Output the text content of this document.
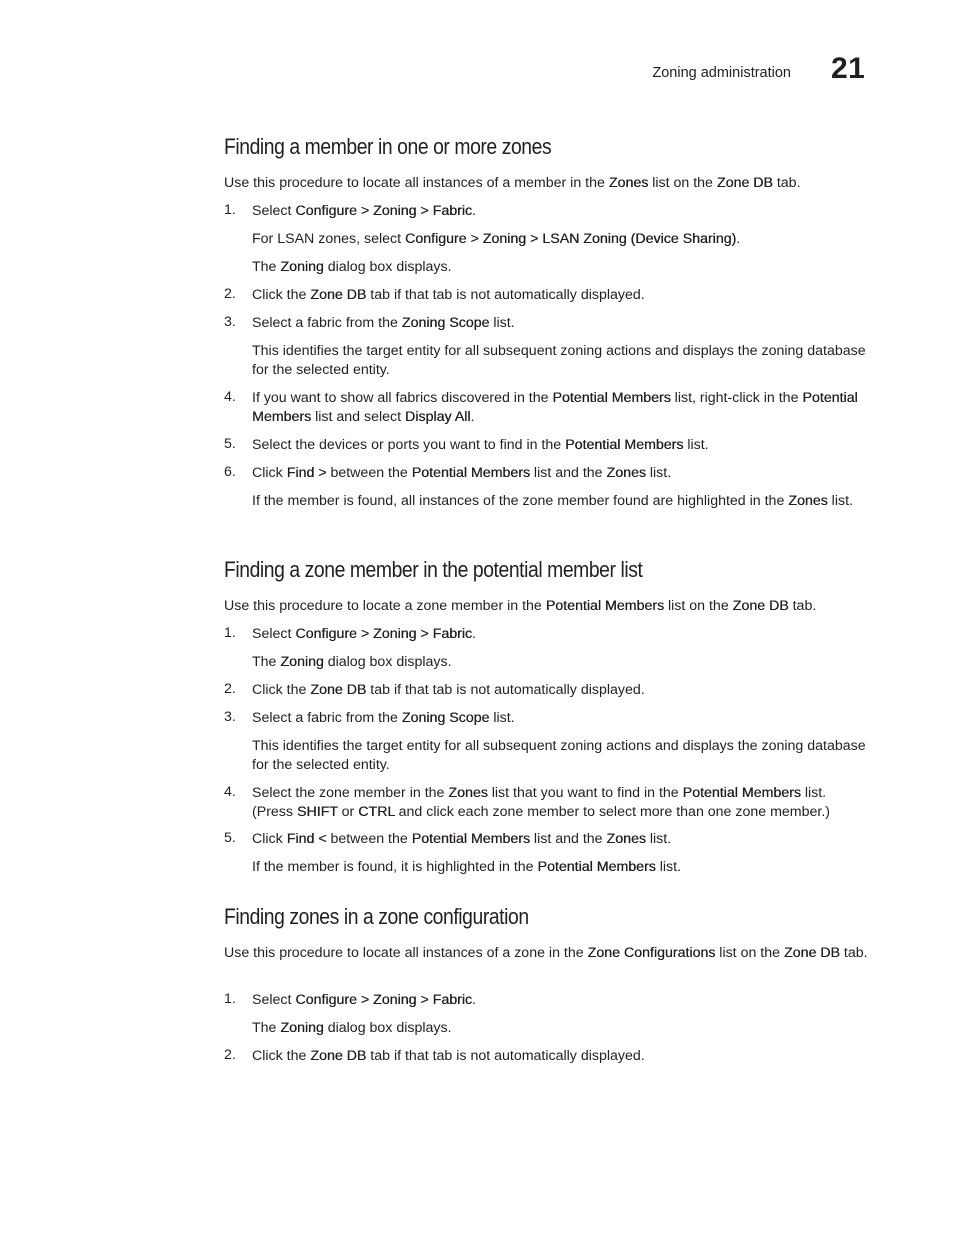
Zoning administration 21
Finding a member in one or more zones
Use this procedure to locate all instances of a member in the Zones list on the Zone DB tab.
1. Select Configure > Zoning > Fabric.
For LSAN zones, select Configure > Zoning > LSAN Zoning (Device Sharing).
The Zoning dialog box displays.
2. Click the Zone DB tab if that tab is not automatically displayed.
3. Select a fabric from the Zoning Scope list.
This identifies the target entity for all subsequent zoning actions and displays the zoning database for the selected entity.
4. If you want to show all fabrics discovered in the Potential Members list, right-click in the Potential Members list and select Display All.
5. Select the devices or ports you want to find in the Potential Members list.
6. Click Find > between the Potential Members list and the Zones list.
If the member is found, all instances of the zone member found are highlighted in the Zones list.
Finding a zone member in the potential member list
Use this procedure to locate a zone member in the Potential Members list on the Zone DB tab.
1. Select Configure > Zoning > Fabric.
The Zoning dialog box displays.
2. Click the Zone DB tab if that tab is not automatically displayed.
3. Select a fabric from the Zoning Scope list.
This identifies the target entity for all subsequent zoning actions and displays the zoning database for the selected entity.
4. Select the zone member in the Zones list that you want to find in the Potential Members list. (Press SHIFT or CTRL and click each zone member to select more than one zone member.)
5. Click Find < between the Potential Members list and the Zones list.
If the member is found, it is highlighted in the Potential Members list.
Finding zones in a zone configuration
Use this procedure to locate all instances of a zone in the Zone Configurations list on the Zone DB tab.
1. Select Configure > Zoning > Fabric.
The Zoning dialog box displays.
2. Click the Zone DB tab if that tab is not automatically displayed.
